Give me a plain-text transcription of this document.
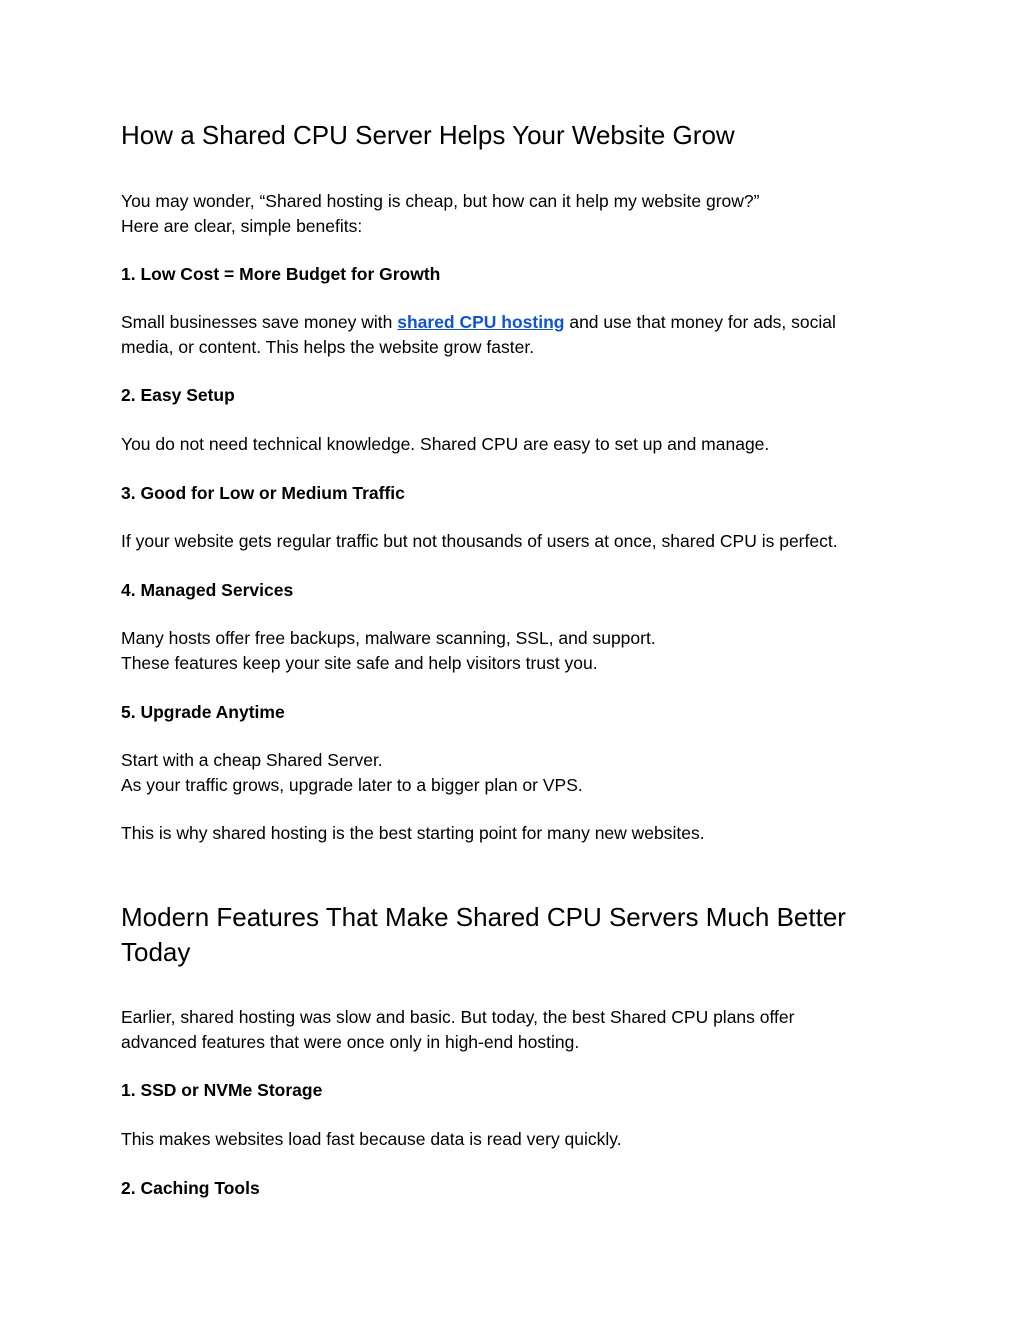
How a Shared CPU Server Helps Your Website Grow

You may wonder, “Shared hosting is cheap, but how can it help my website grow?”
Here are clear, simple benefits:

1. Low Cost = More Budget for Growth

Small businesses save money with shared CPU hosting and use that money for ads, social
media, or content. This helps the website grow faster.

2. Easy Setup

You do not need technical knowledge. Shared CPU are easy to set up and manage.

3. Good for Low or Medium Traffic

If your website gets regular traffic but not thousands of users at once, shared CPU is perfect.

4. Managed Services

Many hosts offer free backups, malware scanning, SSL, and support.
These features keep your site safe and help visitors trust you.

5. Upgrade Anytime

Start with a cheap Shared Server.
As your traffic grows, upgrade later to a bigger plan or VPS.

This is why shared hosting is the best starting point for many new websites.

Modern Features That Make Shared CPU Servers Much Better
Today

Earlier, shared hosting was slow and basic. But today, the best Shared CPU plans offer
advanced features that were once only in high-end hosting.

1. SSD or NVMe Storage

This makes websites load fast because data is read very quickly.

2. Caching Tools
